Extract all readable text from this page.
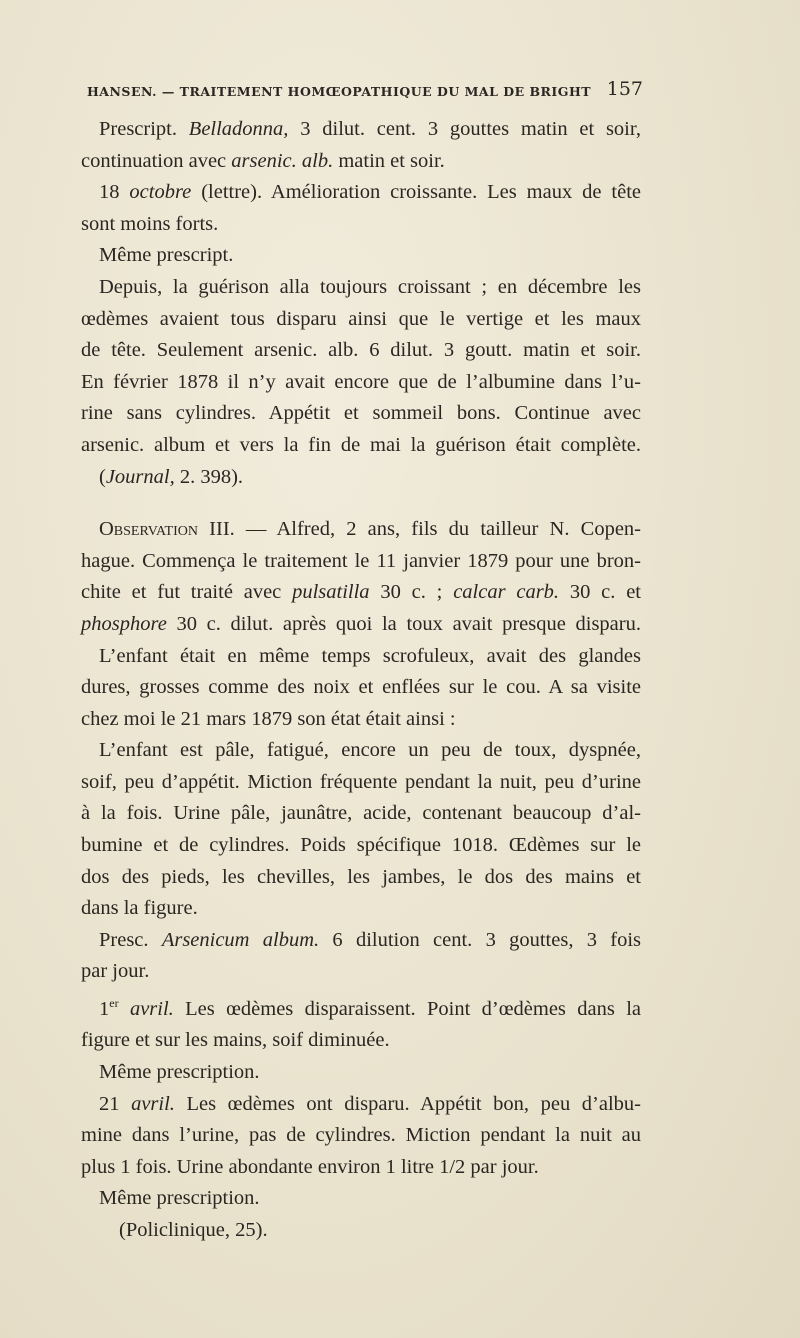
HANSEN. — TRAITEMENT HOMŒOPATHIQUE DU MAL DE BRIGHT 157
Prescript. Belladonna, 3 dilut. cent. 3 gouttes matin et soir,
continuation avec arsenic. alb. matin et soir.
18 octobre (lettre). Amélioration croissante. Les maux de tête
sont moins forts.
Même prescript.
Depuis, la guérison alla toujours croissant ; en décembre les
œdèmes avaient tous disparu ainsi que le vertige et les maux
de tête. Seulement arsenic. alb. 6 dilut. 3 goutt. matin et soir.
En février 1878 il n’y avait encore que de l’albumine dans l’u-
rine sans cylindres. Appétit et sommeil bons. Continue avec
arsenic. album et vers la fin de mai la guérison était complète.
(Journal, 2. 398).
Observation III. — Alfred, 2 ans, fils du tailleur N. Copen-
hague. Commença le traitement le 11 janvier 1879 pour une bron-
chite et fut traité avec pulsatilla 30 c. ; calcar carb. 30 c. et
phosphore 30 c. dilut. après quoi la toux avait presque disparu.
L’enfant était en même temps scrofuleux, avait des glandes
dures, grosses comme des noix et enflées sur le cou. A sa visite
chez moi le 21 mars 1879 son état était ainsi :
L’enfant est pâle, fatigué, encore un peu de toux, dyspnée,
soif, peu d’appétit. Miction fréquente pendant la nuit, peu d’urine
à la fois. Urine pâle, jaunâtre, acide, contenant beaucoup d’al-
bumine et de cylindres. Poids spécifique 1018. Œdèmes sur le
dos des pieds, les chevilles, les jambes, le dos des mains et
dans la figure.
Presc. Arsenicum album. 6 dilution cent. 3 gouttes, 3 fois
par jour.
1er avril. Les œdèmes disparaissent. Point d’œdèmes dans la
figure et sur les mains, soif diminuée.
Même prescription.
21 avril. Les œdèmes ont disparu. Appétit bon, peu d’albu-
mine dans l’urine, pas de cylindres. Miction pendant la nuit au
plus 1 fois. Urine abondante environ 1 litre 1/2 par jour.
Même prescription.
(Policlinique, 25).
